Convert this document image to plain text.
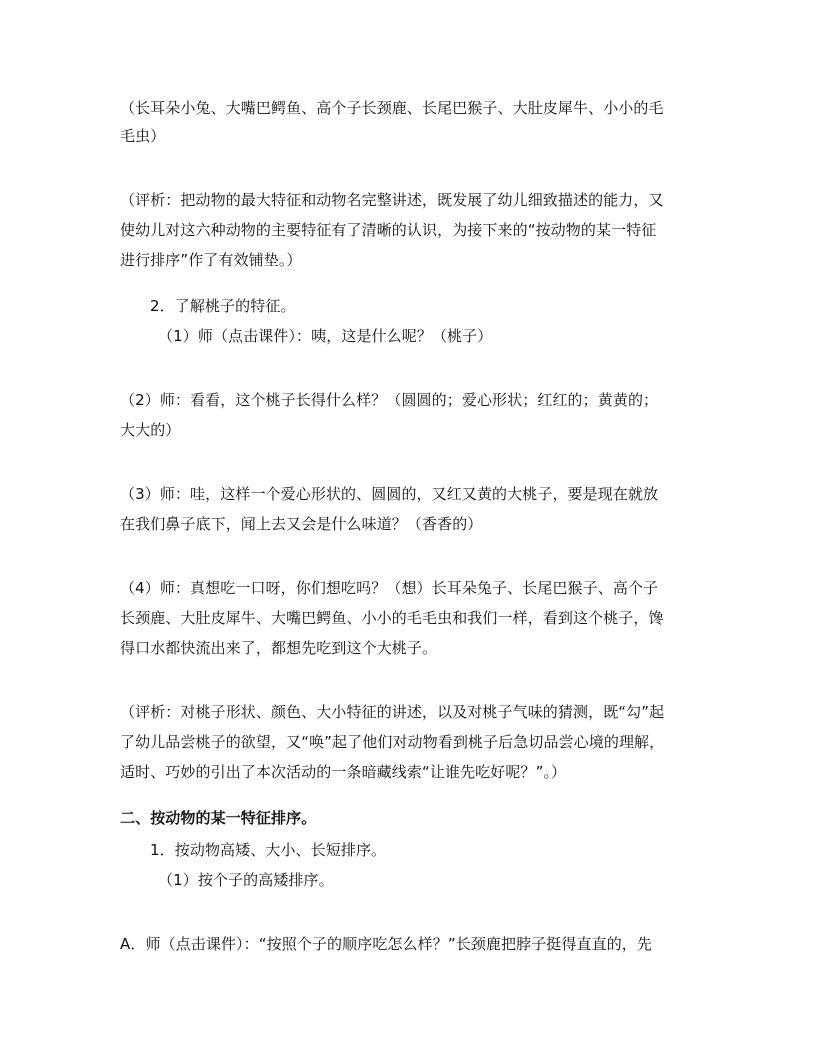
（长耳朵小兔、大嘴巴鳄鱼、高个子长颈鹿、长尾巴猴子、大肚皮犀牛、小小的毛
毛虫）
（评析：把动物的最大特征和动物名完整讲述，既发展了幼儿细致描述的能力，又
使幼儿对这六种动物的主要特征有了清晰的认识，为接下来的“按动物的某一特征
进行排序”作了有效铺垫。）
2．了解桃子的特征。
（1）师（点击课件）：咦，这是什么呢？（桃子）
（2）师：看看，这个桃子长得什么样？（圆圆的；爱心形状；红红的；黄黄的；
大大的）
（3）师：哇，这样一个爱心形状的、圆圆的，又红又黄的大桃子，要是现在就放
在我们鼻子底下，闻上去又会是什么味道？（香香的）
（4）师：真想吃一口呀，你们想吃吗？（想）长耳朵兔子、长尾巴猴子、高个子
长颈鹿、大肚皮犀牛、大嘴巴鳄鱼、小小的毛毛虫和我们一样，看到这个桃子，馋
得口水都快流出来了，都想先吃到这个大桃子。
（评析：对桃子形状、颜色、大小特征的讲述，以及对桃子气味的猜测，既“勾”起
了幼儿品尝桃子的欲望，又“唤”起了他们对动物看到桃子后急切品尝心境的理解，
适时、巧妙的引出了本次活动的一条暗藏线索“让谁先吃好呢？”。）
二、按动物的某一特征排序。
1．按动物高矮、大小、长短排序。
（1）按个子的高矮排序。
A．师（点击课件）：“按照个子的顺序吃怎么样？”长颈鹿把脖子挺得直直的，先
